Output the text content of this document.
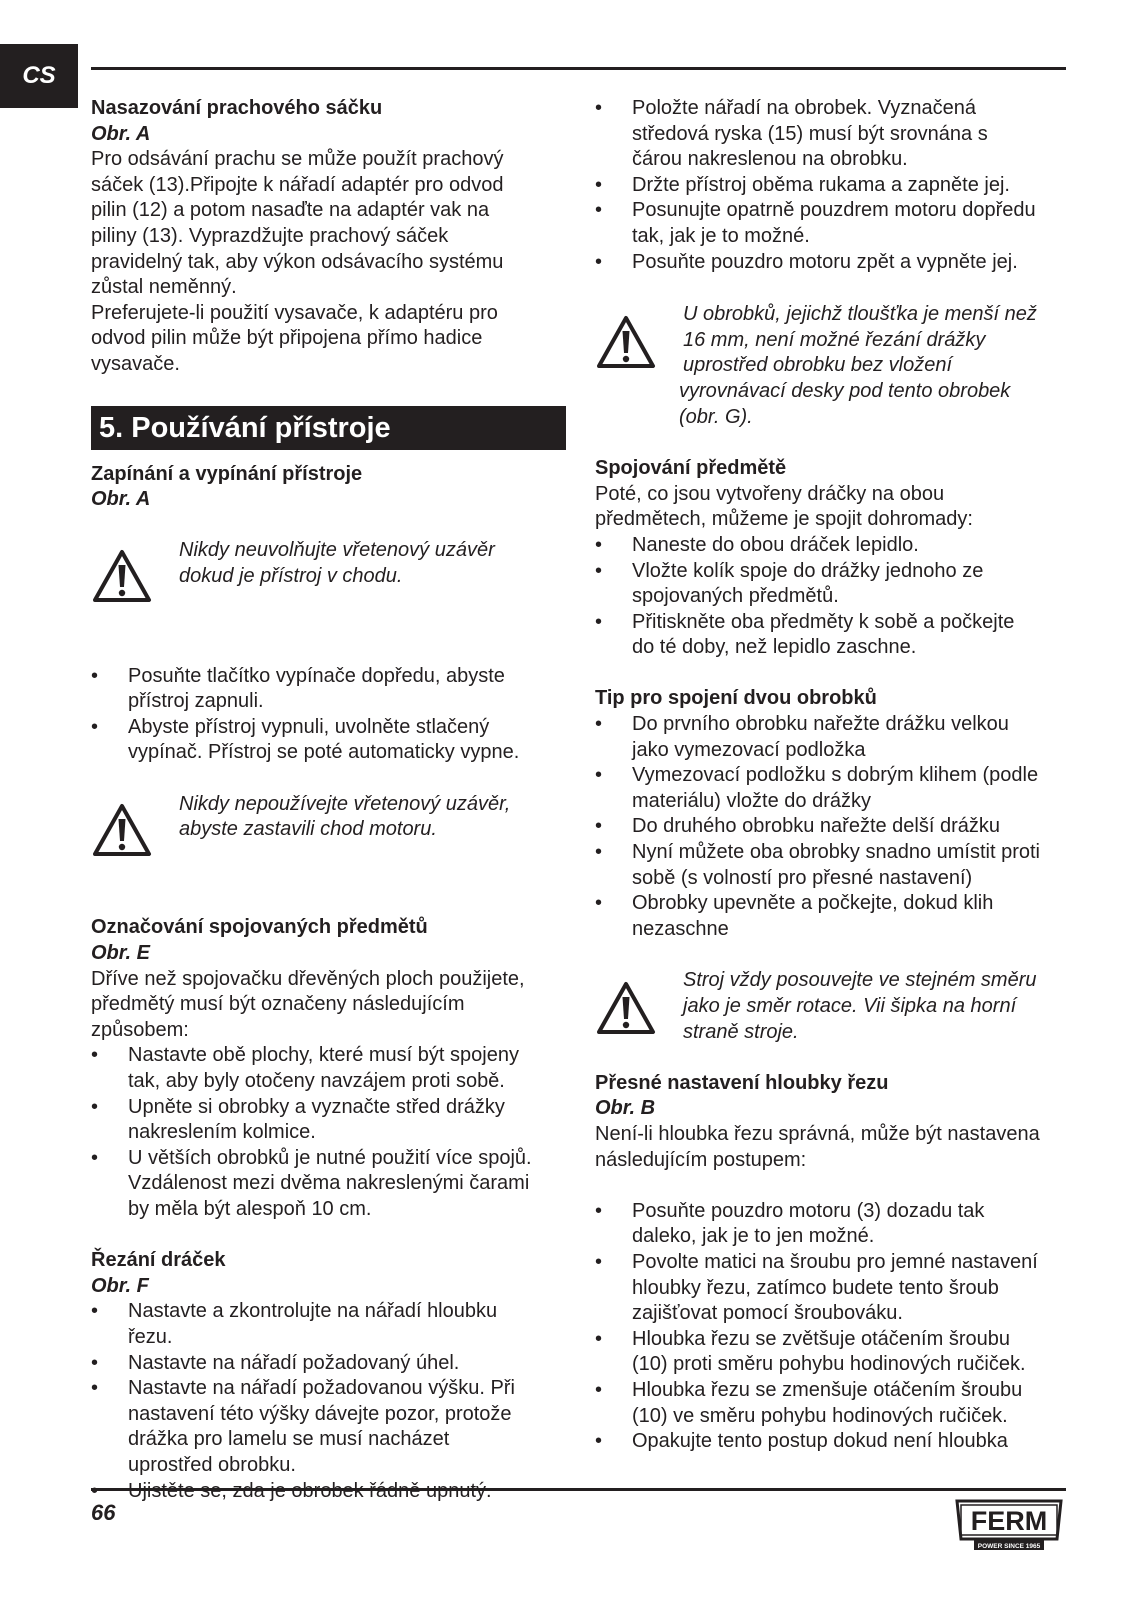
CS

Nasazování prachového sáčku

Obr. A

Pro odsávání prachu se může použít prachový

sáček (13).Připojte k nářadí adaptér pro odvod

pilin (12) a potom nasaďte na adaptér vak na

piliny (13). Vyprazdžujte prachový sáček

pravidelný tak, aby výkon odsávacího systému

zůstal neměnný.

Preferujete-li použití vysavače, k adaptéru pro

odvod pilin může být připojena přímo hadice

vysavače.

5. Používání přístroje

Zapínání a vypínání přístroje

Obr. A

Nikdy neuvolňujte vřetenový uzávěr

dokud je přístroj v chodu.

• Posuňte tlačítko vypínače dopředu, abyste
přístroj zapnuli.
• Abyste přístroj vypnuli, uvolněte stlačený
vypínač. Přístroj se poté automaticky vypne.

Nikdy nepoužívejte vřetenový uzávěr,

abyste zastavili chod motoru.

Označování spojovaných předmětů

Obr. E

Dříve než spojovačku dřevěných ploch použijete,

předmětý musí být označeny následujícím

způsobem:

• Nastavte obě plochy, které musí být spojeny
tak, aby byly otočeny navzájem proti sobě.
• Upněte si obrobky a vyznačte střed drážky
nakreslením kolmice.
• U větších obrobků je nutné použití více spojů.
Vzdálenost mezi dvěma nakreslenými čarami
by měla být alespoň 10 cm.

Řezání dráček

Obr. F

• Nastavte a zkontrolujte na nářadí hloubku
řezu.
• Nastavte na nářadí požadovaný úhel.
• Nastavte na nářadí požadovanou výšku. Při
nastavení této výšky dávejte pozor, protože
drážka pro lamelu se musí nacházet
uprostřed obrobku.
•
• Položte nářadí na obrobek. Vyznačená
středová ryska (15) musí být srovnána s
čárou nakreslenou na obrobku.
• Držte přístroj oběma rukama a zapněte jej.
• Posunujte opatrně pouzdrem motoru dopředu
tak, jak je to možné.
• Posuňte pouzdro motoru zpět a vypněte jej.

U obrobků, jejichž tloušťka je menší než

16 mm, není možné řezání drážky

uprostřed obrobku bez vložení

vyrovnávací desky pod tento obrobek

(obr. G).

Spojování předmětě

Poté, co jsou vytvořeny dráčky na obou

předmětech, můžeme je spojit dohromady:

• Naneste do obou dráček lepidlo.
• Vložte kolík spoje do drážky jednoho ze
spojovaných předmětů.
• Přitiskněte oba předměty k sobě a počkejte
do té doby, než lepidlo zaschne.

Tip pro spojení dvou obrobků

• Do prvního obrobku nařežte drážku velkou
jako vymezovací podložka
• Vymezovací podložku s dobrým klihem (podle
materiálu) vložte do drážky
• Do druhého obrobku nařežte delší drážku
• Nyní můžete oba obrobky snadno umístit proti
sobě (s volností pro přesné nastavení)
• Obrobky upevněte a počkejte, dokud klih
nezaschne

Stroj vždy posouvejte ve stejném směru

jako je směr rotace. Vii šipka na horní

straně stroje.

Přesné nastavení hloubky řezu

Obr. B

Není-li hloubka řezu správná, může být nastavena

následujícím postupem:

• Posuňte pouzdro motoru (3) dozadu tak
daleko, jak je to jen možné.
• Povolte matici na šroubu pro jemné nastavení
hloubky řezu, zatímco budete tento šroub
zajišťovat pomocí šroubováku.
• Hloubka řezu se zvětšuje otáčením šroubu
(10) proti směru pohybu hodinových ručiček.
• Hloubka řezu se zmenšuje otáčením šroubu
(10) ve směru pohybu hodinových ručiček.
• Opakujte tento postup dokud není hloubka
66	FERM
POWER SINCE 1965
